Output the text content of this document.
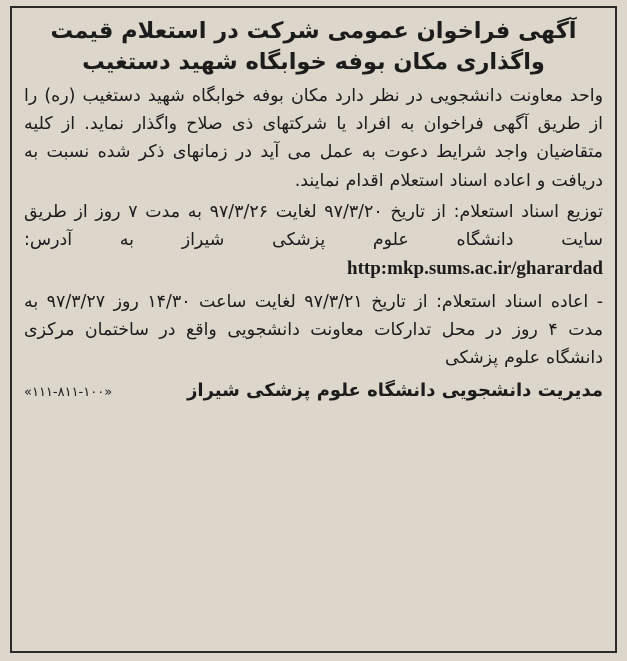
آگهی فراخوان عمومی شرکت در استعلام قیمت
واگذاری مکان بوفه خوابگاه شهید دستغیب

واحد معاونت دانشجویی در نظر دارد مکان بوفه خوابگاه شهید دستغیب (ره) را از طریق آگهی فراخوان به افراد یا شرکتهای ذی صلاح واگذار نماید. از کلیه متقاضیان واجد شرایط دعوت به عمل می آید در زمانهای ذکر شده نسبت به دریافت و اعاده اسناد استعلام اقدام نمایند.

توزیع اسناد استعلام: از تاریخ ۹۷/۳/۲۰ لغایت ۹۷/۳/۲۶ به مدت ۷ روز از طریق سایت دانشگاه علوم پزشکی شیراز به آدرس: http:mkp.sums.ac.ir/gharardad

- اعاده اسناد استعلام: از تاریخ ۹۷/۳/۲۱ لغایت ساعت ۱۴/۳۰ روز ۹۷/۳/۲۷ به مدت ۴ روز در محل تدارکات معاونت دانشجویی واقع در ساختمان مرکزی دانشگاه علوم پزشکی

مدیریت دانشجویی دانشگاه علوم پزشکی شیراز
«۱۱۱-۸۱۱-۱۰۰»
